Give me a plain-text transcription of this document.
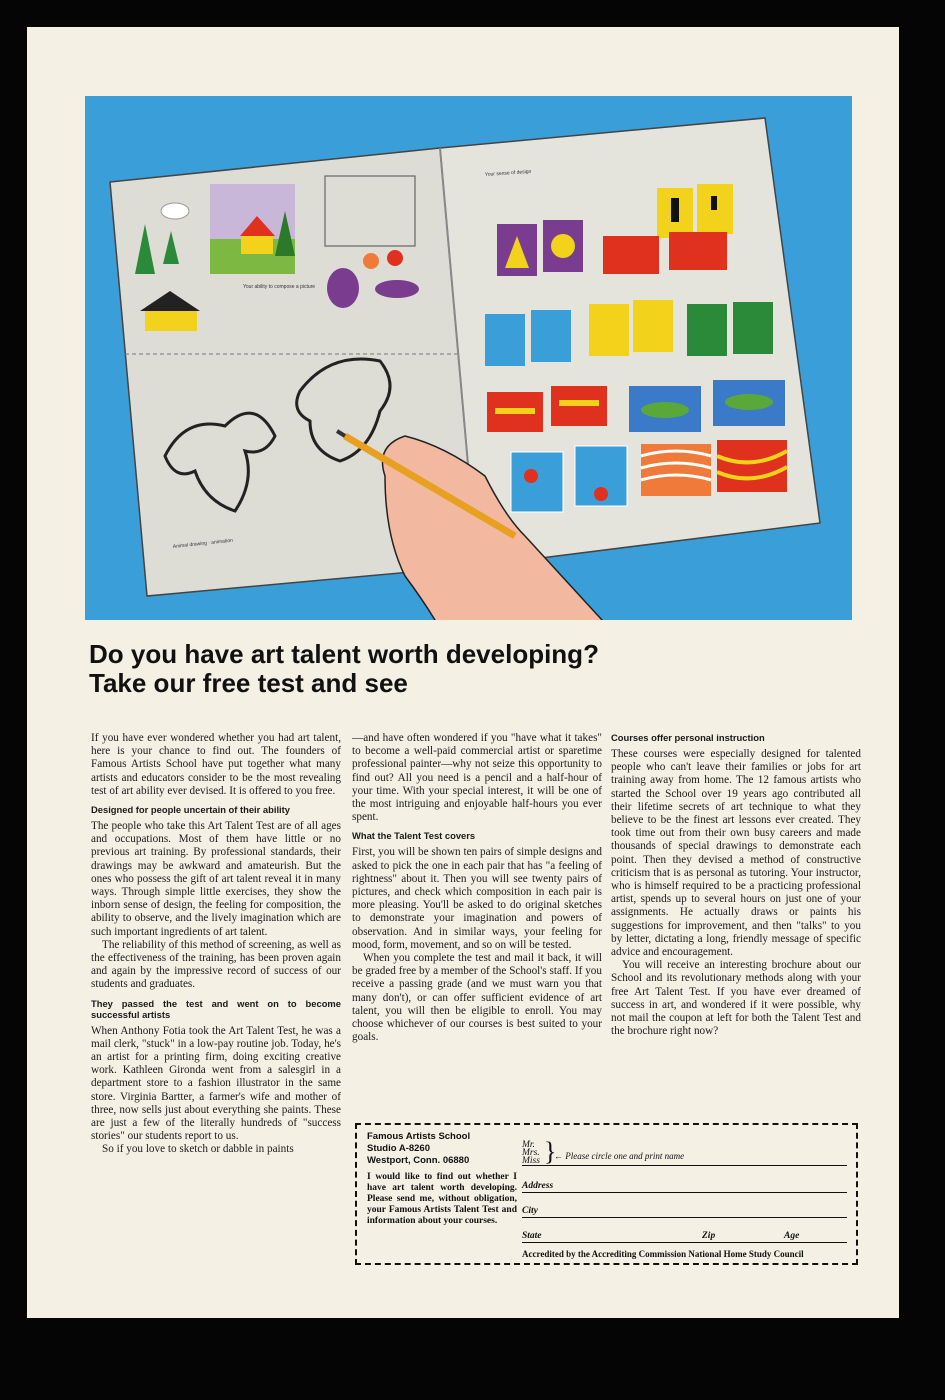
Your ability to compose a picture
Animal drawing · animation
Your sense of design
Do you have art talent worth developing?
Take our free test and see

If you have ever wondered whether you had art talent, here is your chance to find out. The founders of Famous Artists School have put together what many artists and educators consider to be the most revealing test of art ability ever devised. It is offered to you free.

Designed for people uncertain of their ability

The people who take this Art Talent Test are of all ages and occupations. Most of them have little or no previous art training. By professional standards, their drawings may be awkward and amateurish. But the ones who possess the gift of art talent reveal it in many ways. Through simple little exercises, they show the inborn sense of design, the feeling for composition, the ability to observe, and the lively imagination which are such important ingredients of art talent.

The reliability of this method of screening, as well as the effectiveness of the training, has been proven again and again by the impressive record of success of our students and graduates.

They passed the test and went on to become successful artists

When Anthony Fotia took the Art Talent Test, he was a mail clerk, "stuck" in a low-pay routine job. Today, he's an artist for a printing firm, doing exciting creative work. Kathleen Gironda went from a salesgirl in a department store to a fashion illustrator in the same store. Virginia Bartter, a farmer's wife and mother of three, now sells just about everything she paints. These are just a few of the literally hundreds of "success stories" our students report to us.

So if you love to sketch or dabble in paints

—and have often wondered if you "have what it takes" to become a well-paid commercial artist or sparetime professional painter—why not seize this opportunity to find out? All you need is a pencil and a half-hour of your time. With your special interest, it will be one of the most intriguing and enjoyable half-hours you ever spent.

What the Talent Test covers

First, you will be shown ten pairs of simple designs and asked to pick the one in each pair that has "a feeling of rightness" about it. Then you will see twenty pairs of pictures, and check which composition in each pair is more pleasing. You'll be asked to do original sketches to demonstrate your imagination and powers of observation. And in similar ways, your feeling for mood, form, movement, and so on will be tested.

When you complete the test and mail it back, it will be graded free by a member of the School's staff. If you receive a passing grade (and we must warn you that many don't), or can offer sufficient evidence of art talent, you will then be eligible to enroll. You may choose whichever of our courses is best suited to your goals.

Courses offer personal instruction

These courses were especially designed for talented people who can't leave their families or jobs for art training away from home. The 12 famous artists who started the School over 19 years ago contributed all their lifetime secrets of art technique to what they believe to be the finest art lessons ever created. They took time out from their own busy careers and made thousands of special drawings to demonstrate each point. Then they devised a method of constructive criticism that is as personal as tutoring. Your instructor, who is himself required to be a practicing professional artist, spends up to several hours on just one of your assignments. He actually draws or paints his suggestions for improvement, and then "talks" to you by letter, dictating a long, friendly message of specific advice and encouragement.

You will receive an interesting brochure about our School and its revolutionary methods along with your free Art Talent Test. If you have ever dreamed of success in art, and wondered if it were possible, why not mail the coupon at left for both the Talent Test and the brochure right now?

Famous Artists School
Studio A-8260
Westport, Conn. 06880
I would like to find out whether I have art talent worth developing. Please send me, without obligation, your Famous Artists Talent Test and information about your courses.
Mr.
Mrs.
Miss }
← Please circle one and print name
Address
City
State	Zip	Age
Accredited by the Accrediting Commission National Home Study Council
